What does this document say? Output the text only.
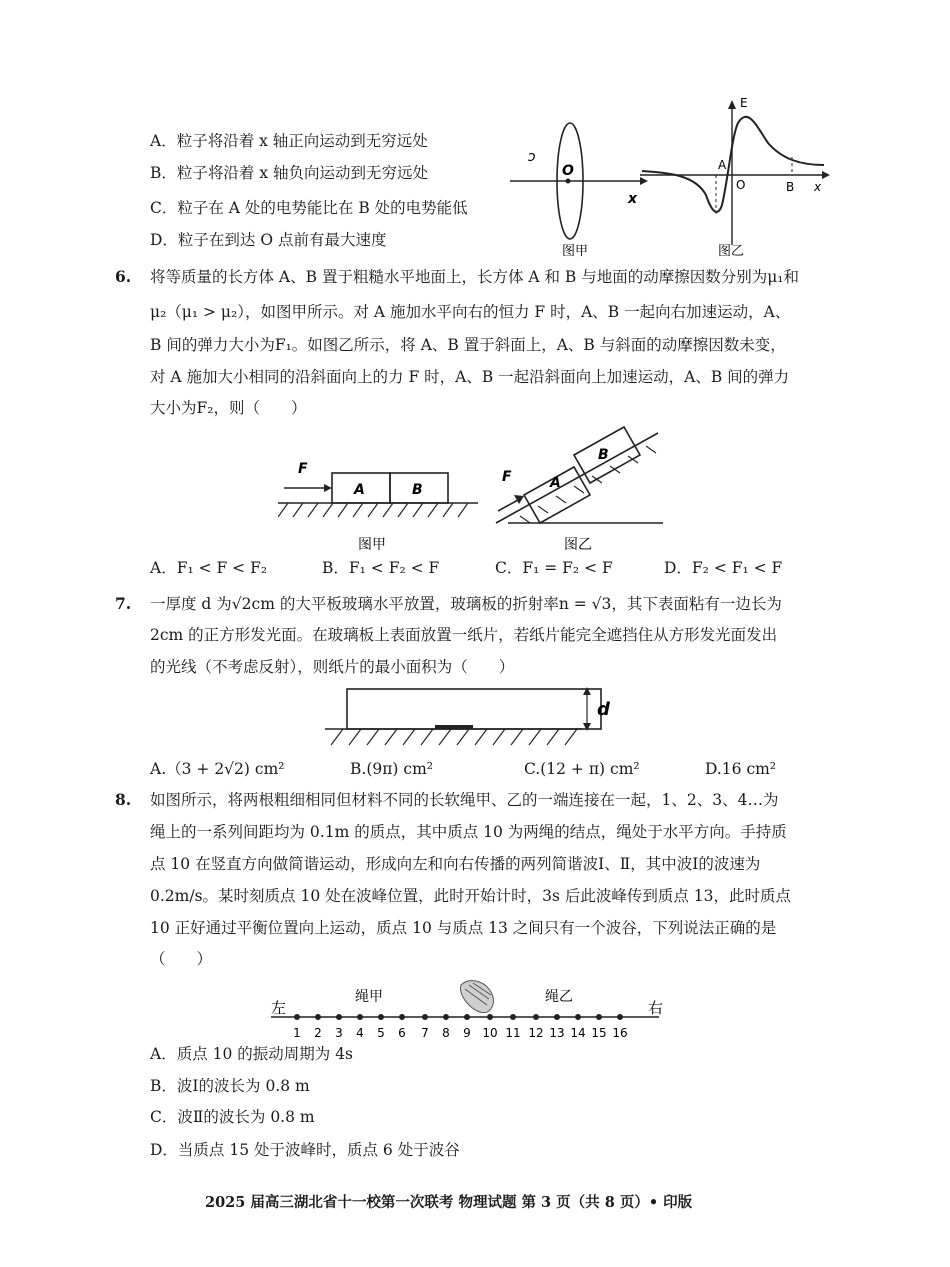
A．粒子将沿着 x 轴正向运动到无穷远处
B．粒子将沿着 x 轴负向运动到无穷远处
C．粒子在 A 处的电势能比在 B 处的电势能低
D．粒子在到达 O 点前有最大速度
ɔ
O
x
图甲
E
A
O	B x
图乙
6. 将等质量的长方体 A、B 置于粗糙水平地面上，长方体 A 和 B 与地面的动摩擦因数分别为μ₁和
μ₂（μ₁ > μ₂），如图甲所示。对 A 施加水平向右的恒力 F 时，A、B 一起向右加速运动，A、
B 间的弹力大小为F₁。如图乙所示，将 A、B 置于斜面上，A、B 与斜面的动摩擦因数未变，
对 A 施加大小相同的沿斜面向上的力 F 时，A、B 一起沿斜面向上加速运动，A、B 间的弹力
大小为F₂，则（　　）
F
A	B
图甲
F	A
B
图乙
A．F₁ < F < F₂	B．F₁ < F₂ < F	C．F₁ = F₂ < F	D．F₂ < F₁ < F
7. 一厚度 d 为√2cm 的大平板玻璃水平放置，玻璃板的折射率n = √3，其下表面粘有一边长为
2cm 的正方形发光面。在玻璃板上表面放置一纸片，若纸片能完全遮挡住从方形发光面发出
的光线（不考虑反射），则纸片的最小面积为（　　）
d
A.（3 + 2√2) cm²	B.(9π) cm²	C.(12 + π) cm²	D.16 cm²
8. 如图所示，将两根粗细相同但材料不同的长软绳甲、乙的一端连接在一起，1、2、3、4…为
绳上的一系列间距均为 0.1m 的质点，其中质点 10 为两绳的结点，绳处于水平方向。手持质
点 10 在竖直方向做简谐运动，形成向左和向右传播的两列简谐波Ⅰ、Ⅱ，其中波Ⅰ的波速为
0.2m/s。某时刻质点 10 处在波峰位置，此时开始计时，3s 后此波峰传到质点 13，此时质点
10 正好通过平衡位置向上运动，质点 10 与质点 13 之间只有一个波谷，下列说法正确的是
（　　）
左
绳甲	绳乙
右
1 2 3 4 5 6 7 8 9 10 11 12 13 14 15 16
A．质点 10 的振动周期为 4s
B．波Ⅰ的波长为 0.8 m
C．波Ⅱ的波长为 0.8 m
D．当质点 15 处于波峰时，质点 6 处于波谷
2025 届高三湖北省十一校第一次联考 物理试题 第 3 页（共 8 页）• 印版
